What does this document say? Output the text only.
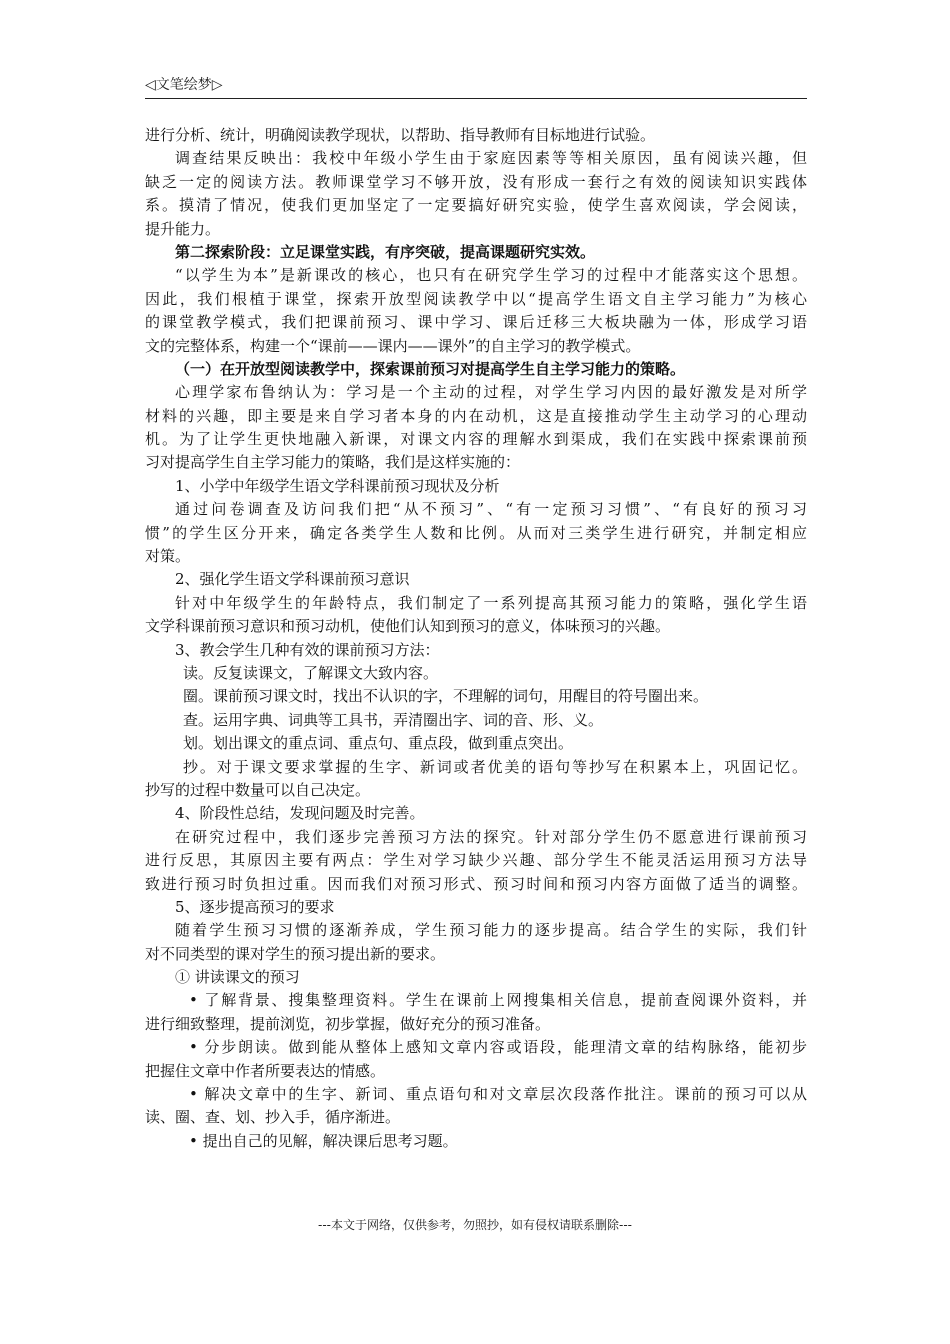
◁文笔绘梦▷
进行分析、统计，明确阅读教学现状，以帮助、指导教师有目标地进行试验。
调查结果反映出：我校中年级小学生由于家庭因素等等相关原因，虽有阅读兴趣，但
缺乏一定的阅读方法。教师课堂学习不够开放，没有形成一套行之有效的阅读知识实践体
系。摸清了情况，使我们更加坚定了一定要搞好研究实验，使学生喜欢阅读，学会阅读，
提升能力。
第二探索阶段：立足课堂实践，有序突破，提高课题研究实效。
“以学生为本”是新课改的核心，也只有在研究学生学习的过程中才能落实这个思想。
因此，我们根植于课堂，探索开放型阅读教学中以“提高学生语文自主学习能力”为核心
的课堂教学模式，我们把课前预习、课中学习、课后迁移三大板块融为一体，形成学习语
文的完整体系，构建一个“课前——课内——课外”的自主学习的教学模式。
（一）在开放型阅读教学中，探索课前预习对提高学生自主学习能力的策略。
心理学家布鲁纳认为：学习是一个主动的过程，对学生学习内因的最好激发是对所学
材料的兴趣，即主要是来自学习者本身的内在动机，这是直接推动学生主动学习的心理动
机。为了让学生更快地融入新课，对课文内容的理解水到渠成，我们在实践中探索课前预
习对提高学生自主学习能力的策略，我们是这样实施的：
1、小学中年级学生语文学科课前预习现状及分析
通过问卷调查及访问我们把“从不预习”、“有一定预习习惯”、“有良好的预习习
惯”的学生区分开来，确定各类学生人数和比例。从而对三类学生进行研究，并制定相应
对策。
2、强化学生语文学科课前预习意识
针对中年级学生的年龄特点，我们制定了一系列提高其预习能力的策略，强化学生语
文学科课前预习意识和预习动机，使他们认知到预习的意义，体味预习的兴趣。
3、教会学生几种有效的课前预习方法：
读。反复读课文，了解课文大致内容。
圈。课前预习课文时，找出不认识的字，不理解的词句，用醒目的符号圈出来。
查。运用字典、词典等工具书，弄清圈出字、词的音、形、义。
划。划出课文的重点词、重点句、重点段，做到重点突出。
抄。对于课文要求掌握的生字、新词或者优美的语句等抄写在积累本上，巩固记忆。
抄写的过程中数量可以自己决定。
4、阶段性总结，发现问题及时完善。
在研究过程中，我们逐步完善预习方法的探究。针对部分学生仍不愿意进行课前预习
进行反思，其原因主要有两点：学生对学习缺少兴趣、部分学生不能灵活运用预习方法导
致进行预习时负担过重。因而我们对预习形式、预习时间和预习内容方面做了适当的调整。
5、逐步提高预习的要求
随着学生预习习惯的逐渐养成，学生预习能力的逐步提高。结合学生的实际，我们针
对不同类型的课对学生的预习提出新的要求。
① 讲读课文的预习
• 了解背景、搜集整理资料。学生在课前上网搜集相关信息，提前查阅课外资料，并
进行细致整理，提前浏览，初步掌握，做好充分的预习准备。
• 分步朗读。做到能从整体上感知文章内容或语段，能理清文章的结构脉络，能初步
把握住文章中作者所要表达的情感。
• 解决文章中的生字、新词、重点语句和对文章层次段落作批注。课前的预习可以从
读、圈、查、划、抄入手，循序渐进。
• 提出自己的见解，解决课后思考习题。
---本文于网络，仅供参考，勿照抄，如有侵权请联系删除---
